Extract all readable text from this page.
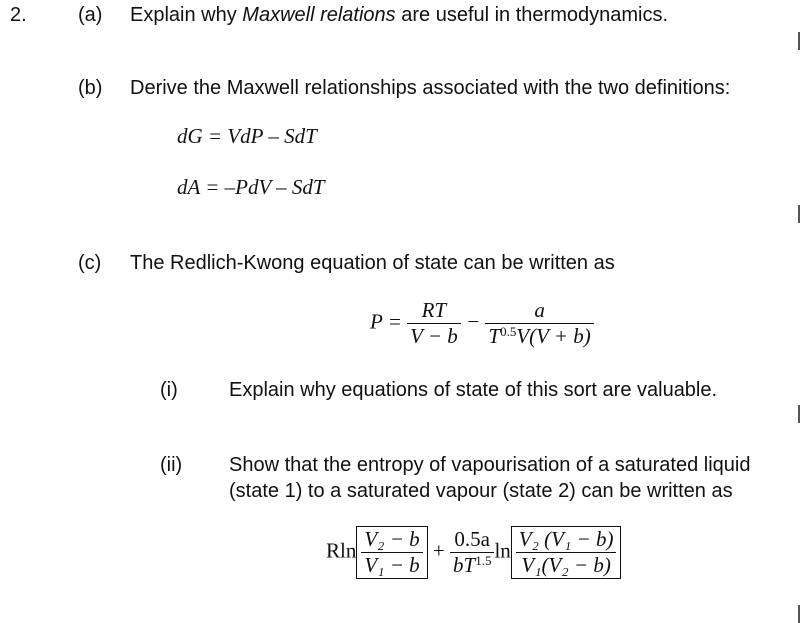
2.	(a) Explain why Maxwell relations are useful in thermodynamics.
(b) Derive the Maxwell relationships associated with the two definitions:
dG = VdP – SdT
dA = –PdV – SdT
(c) The Redlich-Kwong equation of state can be written as
$P = \frac{RT}{V - b} - \frac{a}{T^{0.5}V(V + b)}$
(i)	Explain why equations of state of this sort are valuable.
(ii) Show that the entropy of vapourisation of a saturated liquid
(state 1) to a saturated vapour (state 2) can be written as
Rln $\frac{\text{V₂ − b}}{\text{V₁ − b}} + \frac{0.5a}{bT^{1.5}}$ $\ln \frac{\text{V₂ (V₁ − b)}}{\text{V₁(V₂ − b)}}$
